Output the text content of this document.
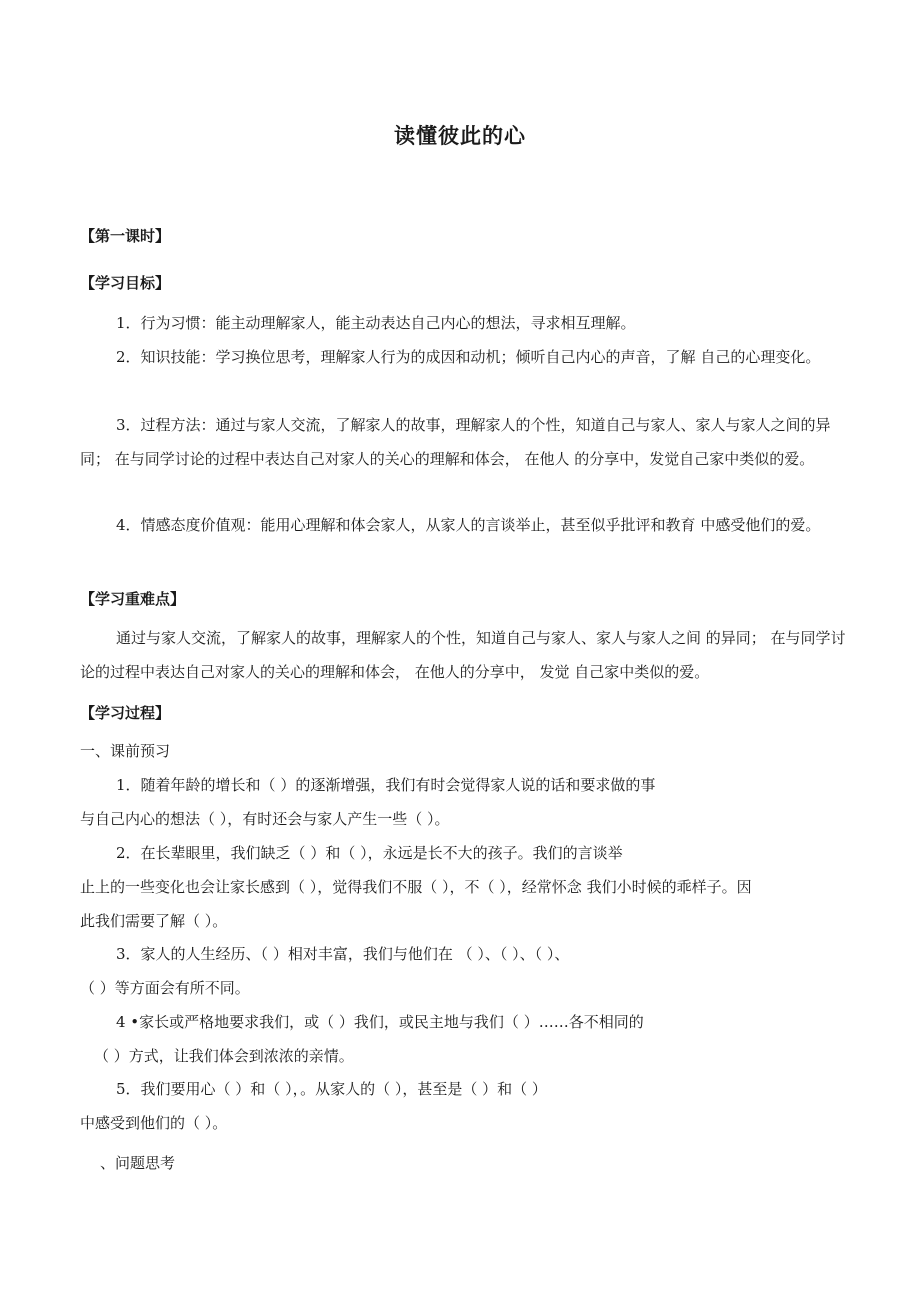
读懂彼此的心

【第一课时】

【学习目标】

1．行为习惯：能主动理解家人，能主动表达自己内心的想法，寻求相互理解。

2．知识技能：学习换位思考，理解家人行为的成因和动机；倾听自己内心的声音，了解 自己的心理变化。

3．过程方法：通过与家人交流，了解家人的故事，理解家人的个性，知道自己与家人、家人与家人之间的异同； 在与同学讨论的过程中表达自己对家人的关心的理解和体会， 在他人 的分享中，发觉自己家中类似的爱。

4．情感态度价值观：能用心理解和体会家人，从家人的言谈举止，甚至似乎批评和教育 中感受他们的爱。

【学习重难点】

通过与家人交流，了解家人的故事，理解家人的个性，知道自己与家人、家人与家人之间 的异同； 在与同学讨论的过程中表达自己对家人的关心的理解和体会， 在他人的分享中， 发觉 自己家中类似的爱。

【学习过程】

一、课前预习

1．随着年龄的增长和（ ）的逐渐增强，我们有时会觉得家人说的话和要求做的事

与自己内心的想法（ ），有时还会与家人产生一些（ ）。

2．在长辈眼里，我们缺乏（ ）和（ ），永远是长不大的孩子。我们的言谈举

止上的一些变化也会让家长感到（ ），觉得我们不服（ ），不（ ），经常怀念 我们小时候的乖样子。因

此我们需要了解（ ）。

3．家人的人生经历、（ ）相对丰富，我们与他们在 （ ）、（ ）、（ ）、

（ ）等方面会有所不同。

4 •家长或严格地要求我们，或（ ）我们，或民主地与我们（ ）……各不相同的

（ ）方式，让我们体会到浓浓的亲情。

5．我们要用心（ ）和（ ），。从家人的（ ），甚至是（ ）和（ ）

中感受到他们的（ ）。

、问题思考
